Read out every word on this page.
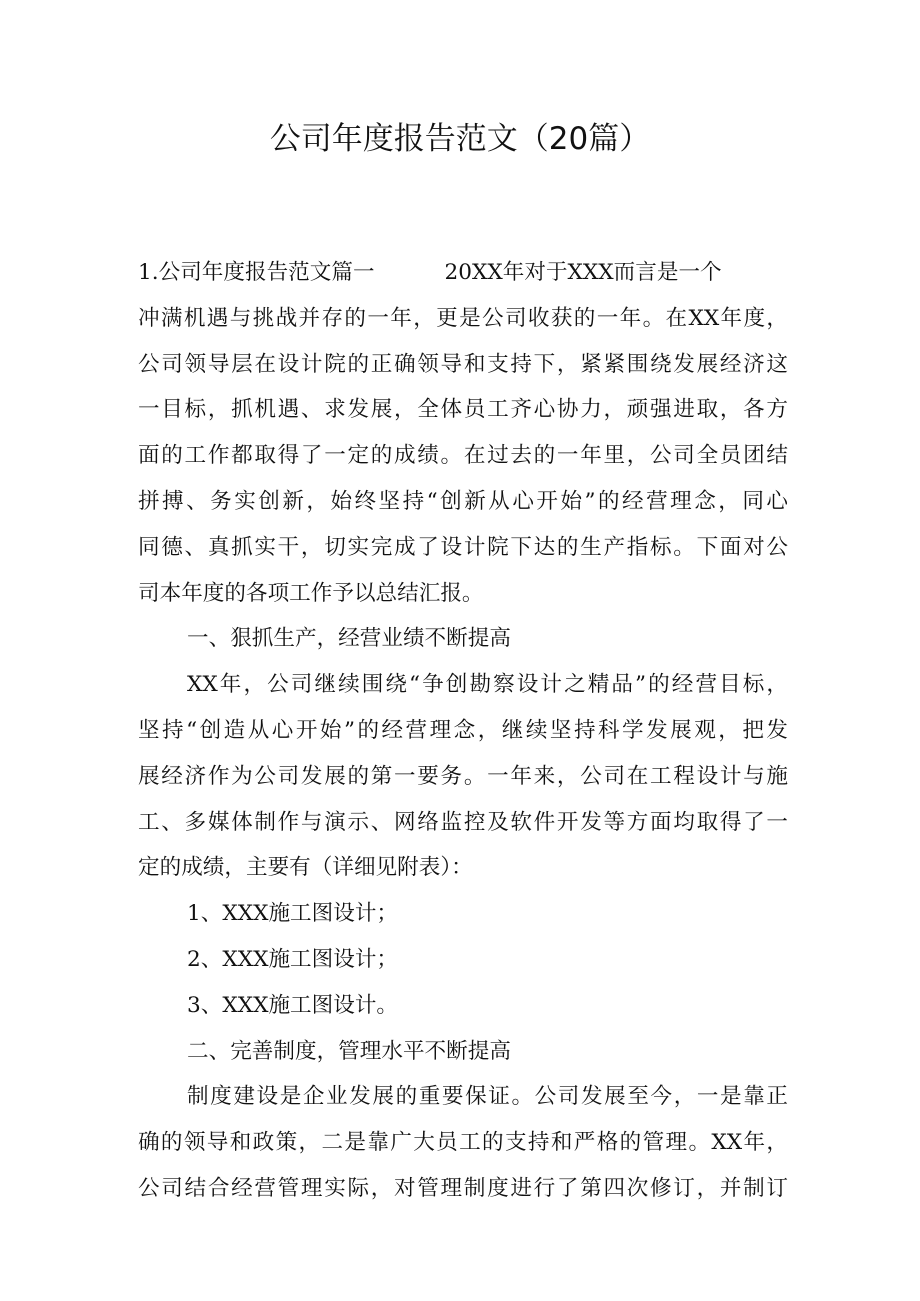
公司年度报告范文（20篇）
1.公司年度报告范文篇一	20XX年对于XXX而言是一个
冲满机遇与挑战并存的一年，更是公司收获的一年。在XX年度，
公司领导层在设计院的正确领导和支持下，紧紧围绕发展经济这
一目标，抓机遇、求发展，全体员工齐心协力，顽强进取，各方
面的工作都取得了一定的成绩。在过去的一年里，公司全员团结
拼搏、务实创新，始终坚持“创新从心开始”的经营理念，同心
同德、真抓实干，切实完成了设计院下达的生产指标。下面对公
司本年度的各项工作予以总结汇报。
一、狠抓生产，经营业绩不断提高
XX年，公司继续围绕“争创勘察设计之精品”的经营目标，
坚持“创造从心开始”的经营理念，继续坚持科学发展观，把发
展经济作为公司发展的第一要务。一年来，公司在工程设计与施
工、多媒体制作与演示、网络监控及软件开发等方面均取得了一
定的成绩，主要有（详细见附表）：
1、XXX施工图设计；
2、XXX施工图设计；
3、XXX施工图设计。
二、完善制度，管理水平不断提高
制度建设是企业发展的重要保证。公司发展至今，一是靠正
确的领导和政策，二是靠广大员工的支持和严格的管理。XX年，
公司结合经营管理实际，对管理制度进行了第四次修订，并制订
